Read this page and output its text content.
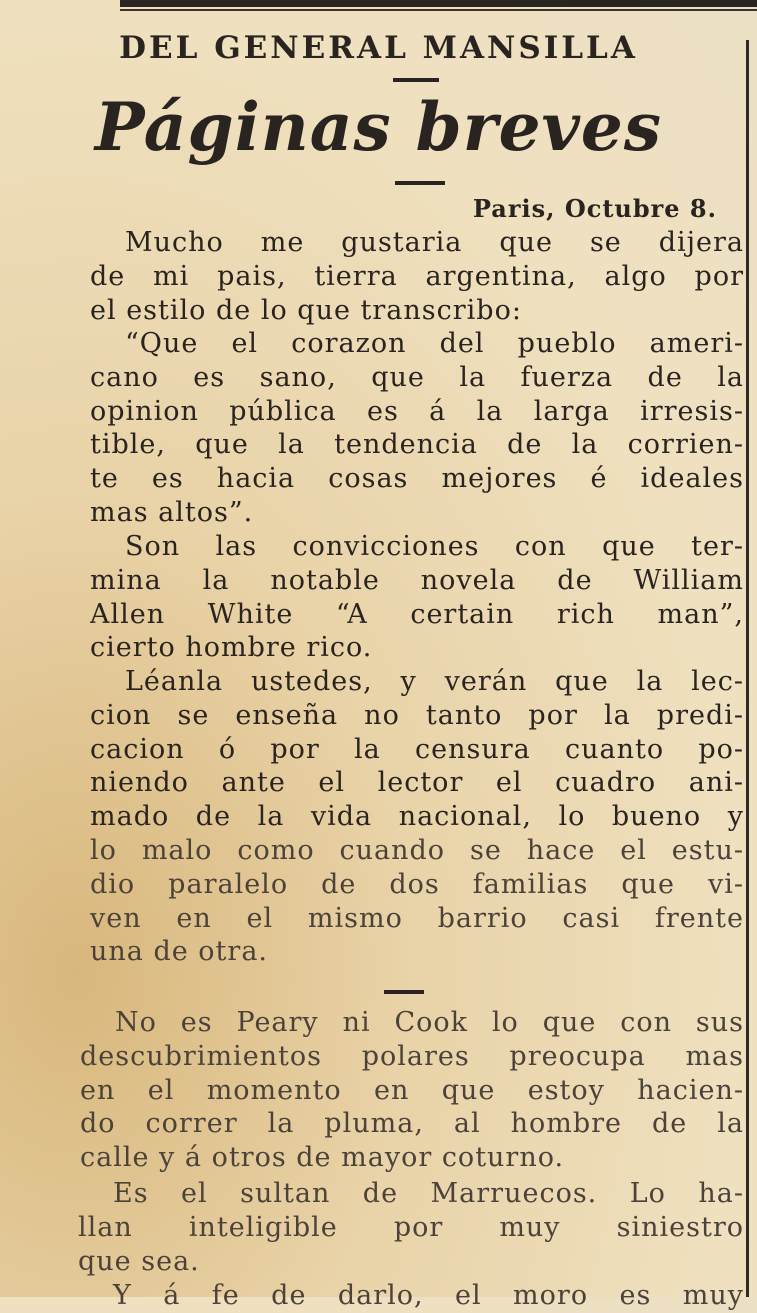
DEL GENERAL MANSILLA
Páginas breves
Paris, Octubre 8.
Mucho me gustaria que se dijera
de mi pais, tierra argentina, algo por
el estilo de lo que transcribo:
“Que el corazon del pueblo ameri-
cano es sano, que la fuerza de la
opinion pública es á la larga irresis-
tible, que la tendencia de la corrien-
te es hacia cosas mejores é ideales
mas altos”.
Son las convicciones con que ter-
mina la notable novela de William
Allen White “A certain rich man”,
cierto hombre rico.
Léanla ustedes, y verán que la lec-
cion se enseña no tanto por la predi-
cacion ó por la censura cuanto po-
niendo ante el lector el cuadro ani-
mado de la vida nacional, lo bueno y
lo malo como cuando se hace el estu-
dio paralelo de dos familias que vi-
ven en el mismo barrio casi frente
una de otra.
No es Peary ni Cook lo que con sus
descubrimientos polares preocupa mas
en el momento en que estoy hacien-
do correr la pluma, al hombre de la
calle y á otros de mayor coturno.
Es el sultan de Marruecos. Lo ha-
llan inteligible por muy siniestro
que sea.
Y á fe de darlo, el moro es muy
